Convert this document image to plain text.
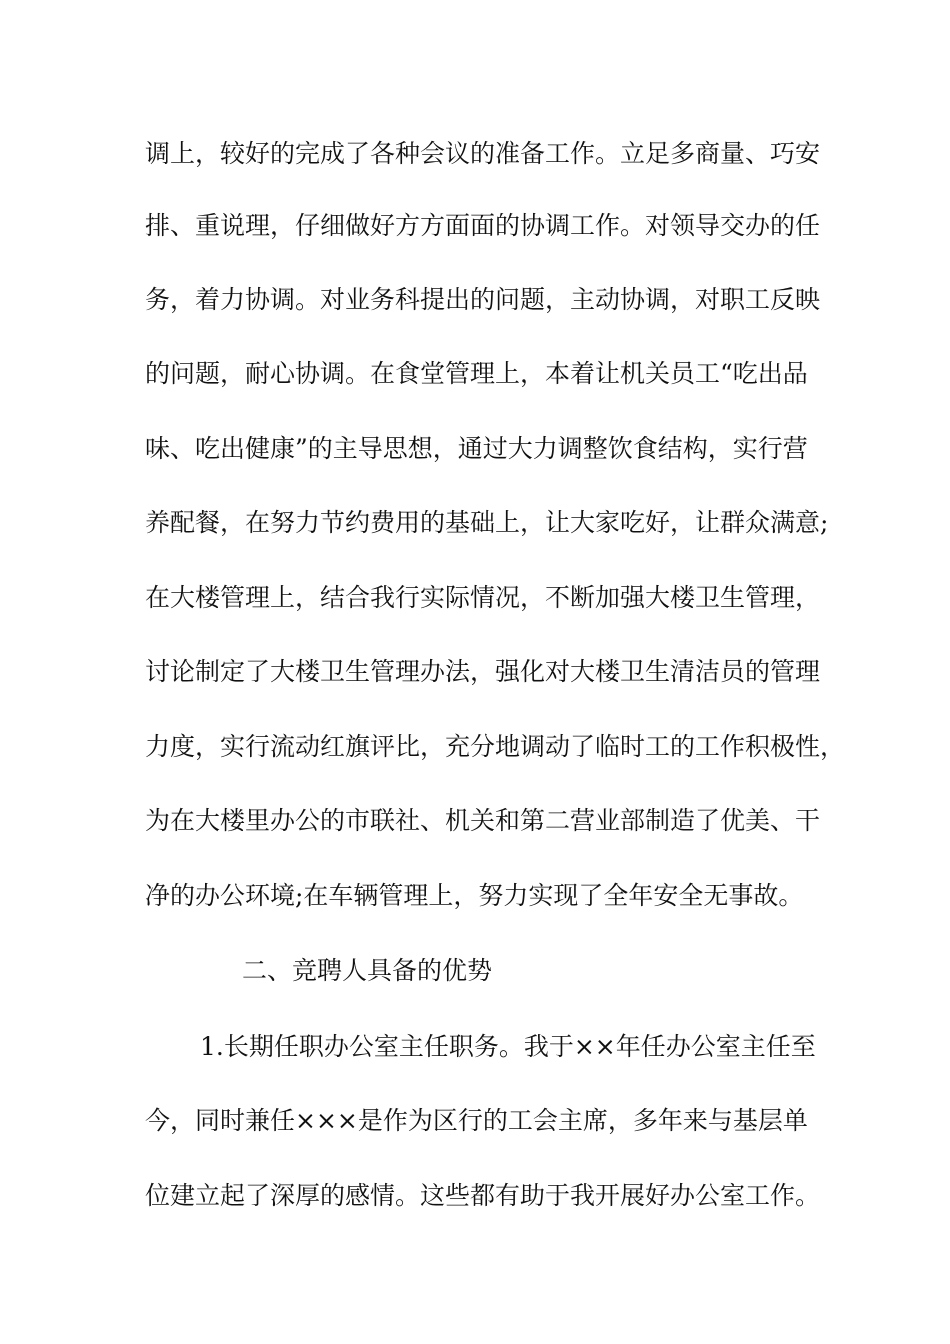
调上，较好的完成了各种会议的准备工作。立足多商量、巧安
排、重说理，仔细做好方方面面的协调工作。对领导交办的任
务，着力协调。对业务科提出的问题，主动协调，对职工反映
的问题，耐心协调。在食堂管理上，本着让机关员工“吃出品
味、吃出健康”的主导思想，通过大力调整饮食结构，实行营
养配餐，在努力节约费用的基础上，让大家吃好，让群众满意;
在大楼管理上，结合我行实际情况，不断加强大楼卫生管理，
讨论制定了大楼卫生管理办法，强化对大楼卫生清洁员的管理
力度，实行流动红旗评比，充分地调动了临时工的工作积极性，
为在大楼里办公的市联社、机关和第二营业部制造了优美、干
净的办公环境;在车辆管理上，努力实现了全年安全无事故。
二、竞聘人具备的优势
1.长期任职办公室主任职务。我于××年任办公室主任至
今，同时兼任×××是作为区行的工会主席，多年来与基层单
位建立起了深厚的感情。这些都有助于我开展好办公室工作。
